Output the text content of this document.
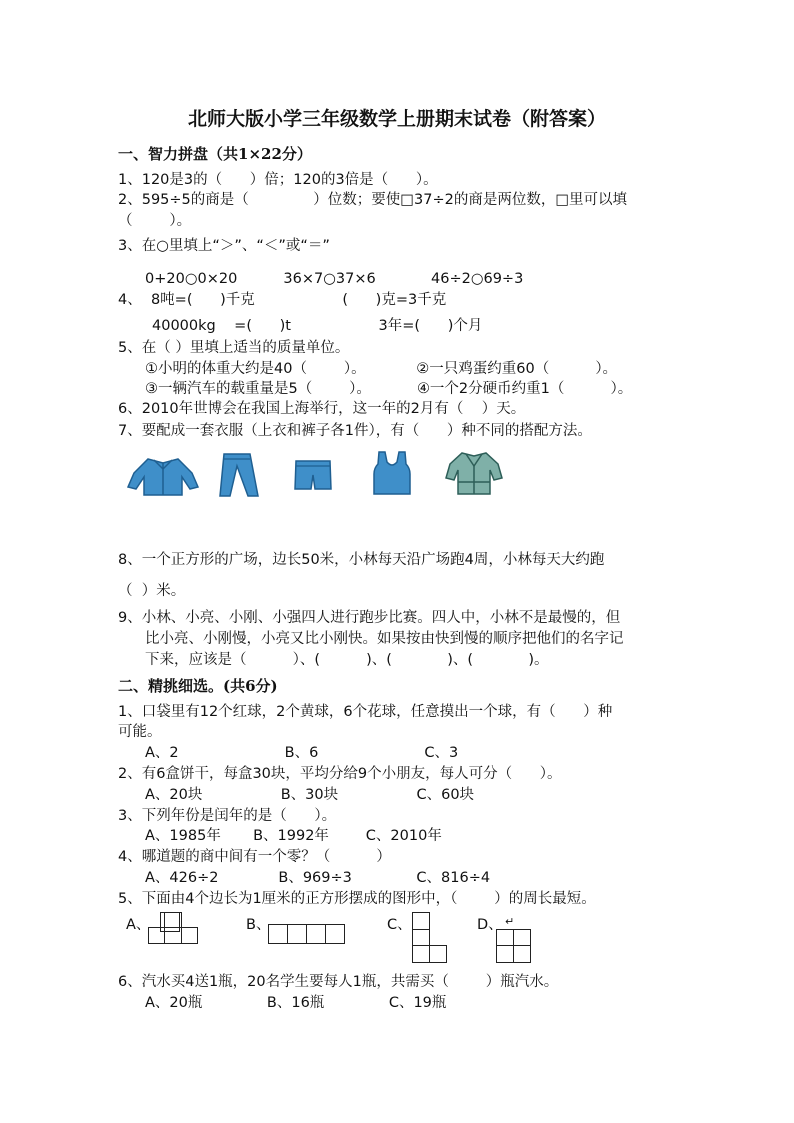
北师大版小学三年级数学上册期末试卷（附答案）
一、智力拼盘（共1×22分）
1、120是3的（      ）倍；120的3倍是（      ）。
2、595÷5的商是（              ）位数；要使□37÷2的商是两位数，□里可以填
（        ）。
3、在○里填上“＞”、“＜”或“＝”
0+20○0×20          36×7○37×6            46÷2○69÷3
4、  8吨=(      )千克                   (      )克=3千克
40000kg    =(      )t                   3年=(      )个月
5、在（ ）里填上适当的质量单位。
①小明的体重大约是40（        ）。           ②一只鸡蛋约重60（          ）。
③一辆汽车的载重量是5（        ）。          ④一个2分硬币约重1（          ）。
6、2010年世博会在我国上海举行，这一年的2月有（    ）天。
7、要配成一套衣服（上衣和裤子各1件），有（      ）种不同的搭配方法。
8、一个正方形的广场，边长50米，小林每天沿广场跑4周，小林每天大约跑
（  ）米。
9、小林、小亮、小刚、小强四人进行跑步比赛。四人中，小林不是最慢的，但
比小亮、小刚慢，小亮又比小刚快。如果按由快到慢的顺序把他们的名字记
下来，应该是（          ）、(          )、(            )、(            )。
二、精挑细选。(共6分)
1、口袋里有12个红球，2个黄球，6个花球，任意摸出一个球，有（      ）种
可能。
A、2                       B、6                       C、3
2、有6盒饼干，每盒30块，平均分给9个小朋友，每人可分（      ）。
A、20块                 B、30块                 C、60块
3、下列年份是闰年的是（      ）。
A、1985年       B、1992年        C、2010年
4、哪道题的商中间有一个零？（          ）
A、426÷2             B、969÷3              C、816÷4
5、下面由4个边长为1厘米的正方形摆成的图形中，（        ）的周长最短。
A、	B、	C、	D、 ↵
6、汽水买4送1瓶，20名学生要每人1瓶，共需买（        ）瓶汽水。
A、20瓶              B、16瓶              C、19瓶
